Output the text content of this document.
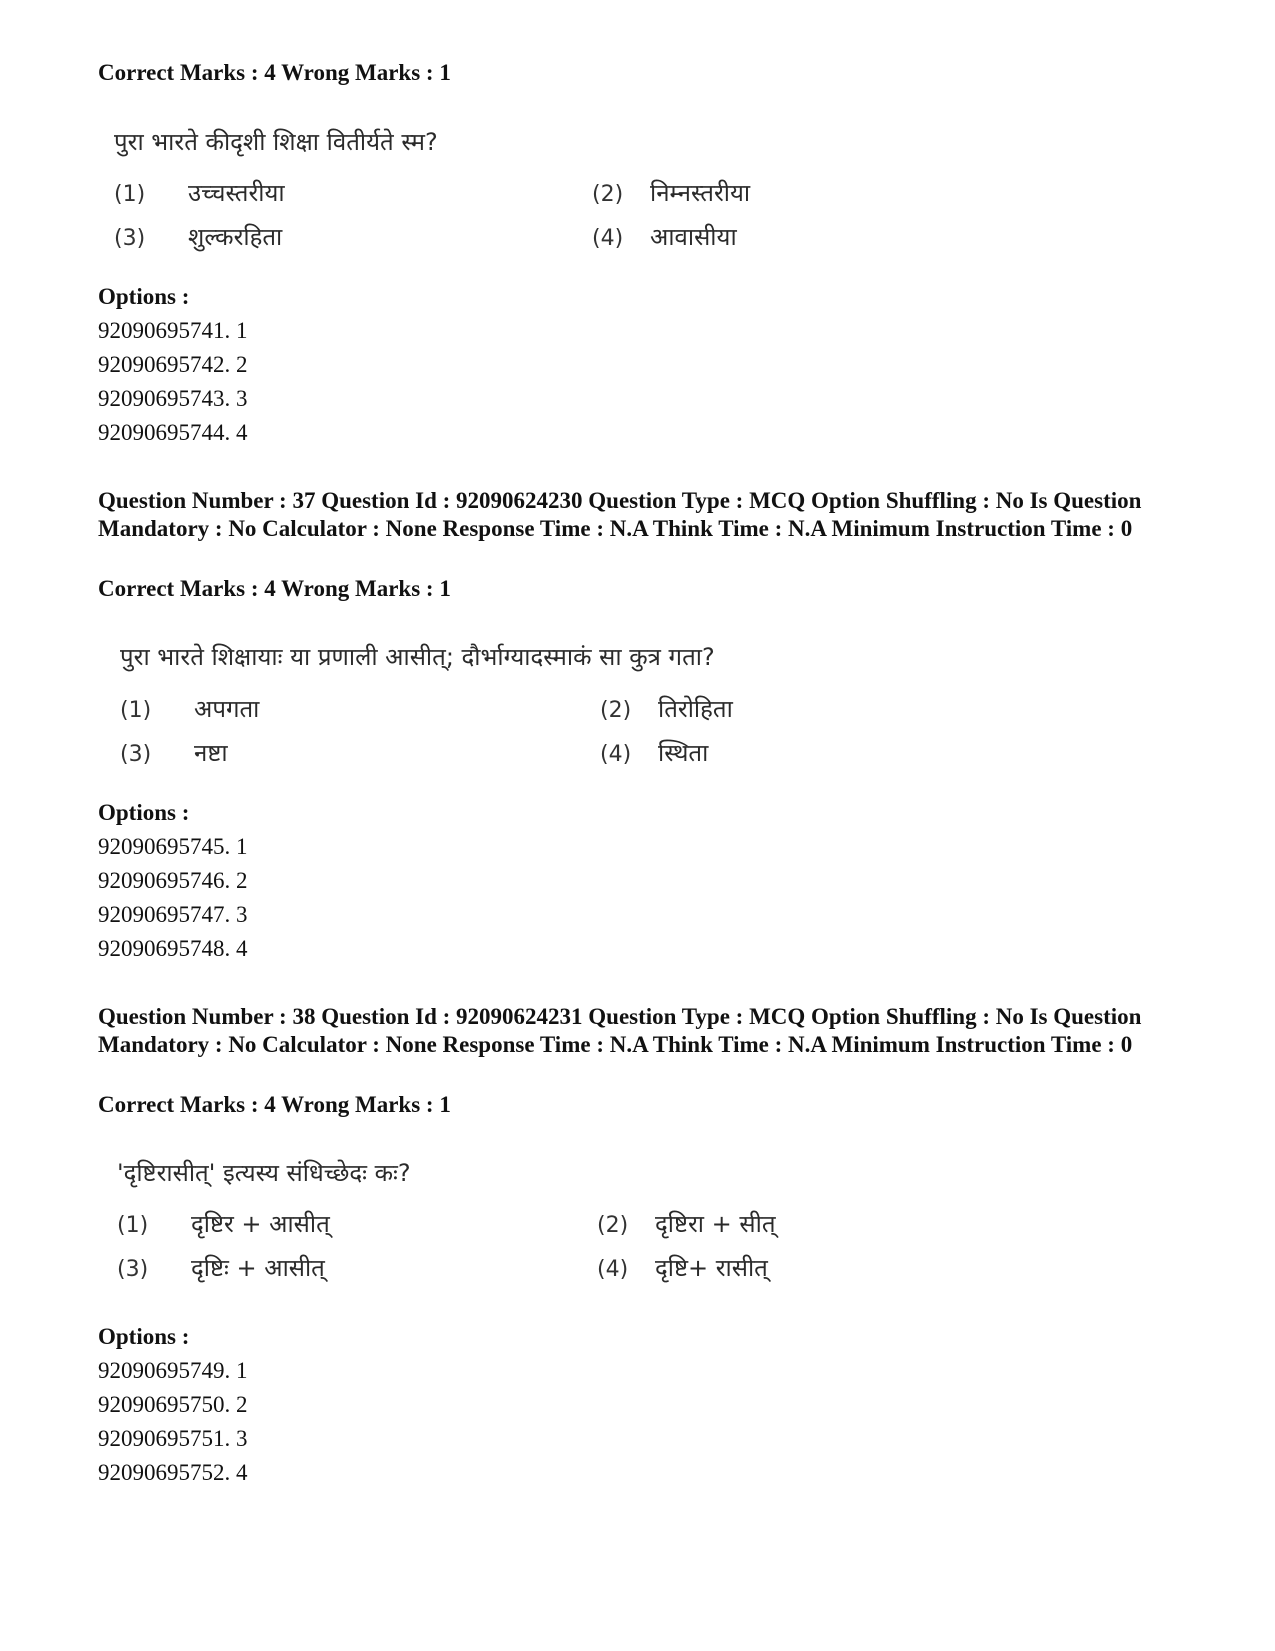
Correct Marks : 4 Wrong Marks : 1
पुरा भारते कीदृशी शिक्षा वितीर्यते स्म?
(1) उच्चस्तरीया	(2) निम्नस्तरीया
(3) शुल्करहिता	(4) आवासीया
Options :
92090695741. 1
92090695742. 2
92090695743. 3
92090695744. 4
Question Number : 37 Question Id : 92090624230 Question Type : MCQ Option Shuffling : No Is Question Mandatory : No Calculator : None Response Time : N.A Think Time : N.A Minimum Instruction Time : 0
Correct Marks : 4 Wrong Marks : 1
पुरा भारते शिक्षायाः या प्रणाली आसीत्; दौर्भाग्यादस्माकं सा कुत्र गता?
(1) अपगता	(2) तिरोहिता
(3) नष्टा	(4) स्थिता
Options :
92090695745. 1
92090695746. 2
92090695747. 3
92090695748. 4
Question Number : 38 Question Id : 92090624231 Question Type : MCQ Option Shuffling : No Is Question Mandatory : No Calculator : None Response Time : N.A Think Time : N.A Minimum Instruction Time : 0
Correct Marks : 4 Wrong Marks : 1
'दृष्टिरासीत्' इत्यस्य संधिच्छेदः कः?
(1) दृष्टिर + आसीत्	(2) दृष्टिरा + सीत्
(3) दृष्टिः + आसीत्	(4) दृष्टि+ रासीत्
Options :
92090695749. 1
92090695750. 2
92090695751. 3
92090695752. 4
